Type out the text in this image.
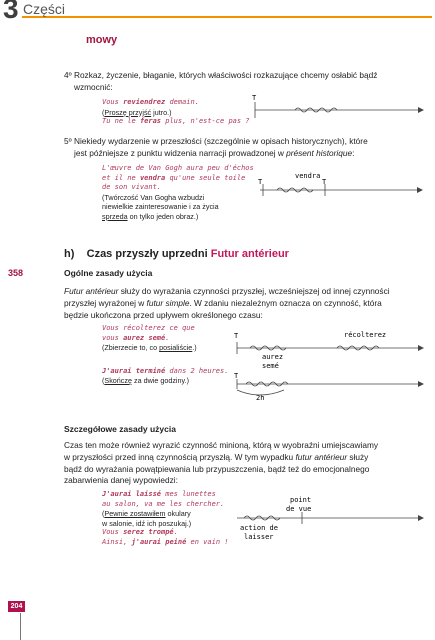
3 Części
mowy
4º Rozkaz, życzenie, błaganie, których właściwości rozkazujące chcemy osłabić bądź
wzmocnić:
Vous reviendrez demain.
(Proszę przyjść jutro.)
Tu ne le feras plus, n'est-ce pas ?
T
5º Niekiedy wydarzenie w przeszłości (szczególnie w opisach historycznych), które
jest późniejsze z punktu widzenia narracji prowadzonej w présent historique:
L'œuvre de Van Gogh aura peu d'échos
et il ne vendra qu'une seule toile
de son vivant.
(Twórczość Van Gogha wzbudzi
niewielkie zainteresowanie i za życia
sprzeda on tylko jeden obraz.)
vendra
T	T
h) Czas przyszły uprzedni Futur antérieur
358	Ogólne zasady użycia
Futur antérieur służy do wyrażania czynności przyszłej, wcześniejszej od innej czynności
przyszłej wyrażonej w futur simple. W zdaniu niezależnym oznacza on czynność, która
będzie ukończona przed upływem określonego czasu:
Vous récolterez ce que
vous aurez semé.
(Zbierzecie to, co posialiście.)
J'aurai terminé dans 2 heures.
(Skończę za dwie godziny.)
T	récolterez
aurez
semé
T
2h
Szczegółowe zasady użycia
Czas ten może również wyrazić czynność minioną, którą w wyobraźni umiejscawiamy
w przyszłości przed inną czynnością przyszłą. W tym wypadku futur antérieur służy
bądź do wyrażania powątpiewania lub przypuszczenia, bądź też do emocjonalnego
zabarwienia danej wypowiedzi:
J'aurai laissé mes lunettes
au salon, va me les chercher.
(Pewnie zostawiłem okulary
w salonie, idź ich poszukaj.)
Vous serez trompé.
Ainsi, j'aurai peiné en vain !
point
de vue
action de
laisser
204
